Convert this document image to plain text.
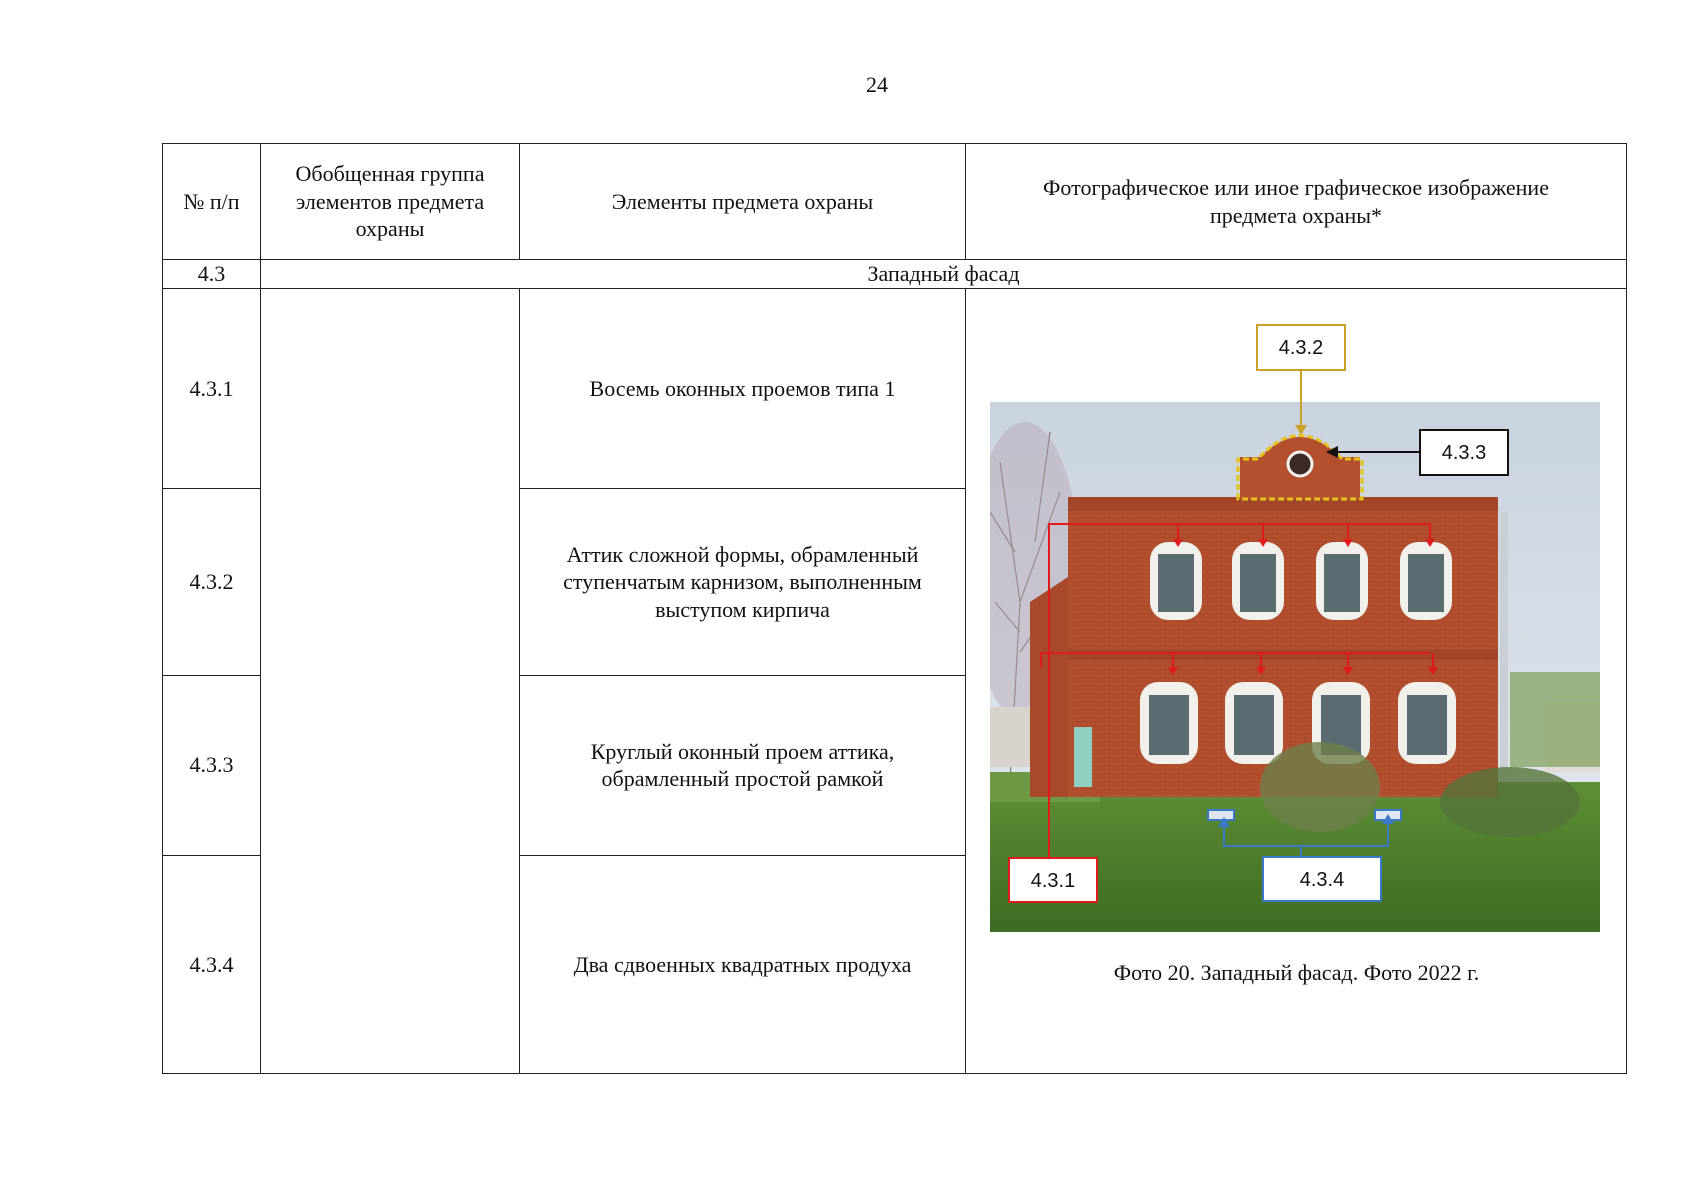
24
№ п/п	Обобщенная группа элементов предмета охраны	Элементы предмета охраны	Фотографическое или иное графическое изображение предмета охраны*
4.3	Западный фасад		
4.3.1		Восемь оконных проемов типа 1	4.3.2
4.3.3
4.3.1 4.3.4
Фото 20. Западный фасад. Фото 2022 г.

4.3.2		Аттик сложной формы, обрамленный ступенчатым карнизом, выполненным выступом кирпича	
4.3.3		Круглый оконный проем аттика, обрамленный простой рамкой	
4.3.4		Два сдвоенных квадратных продуха	
